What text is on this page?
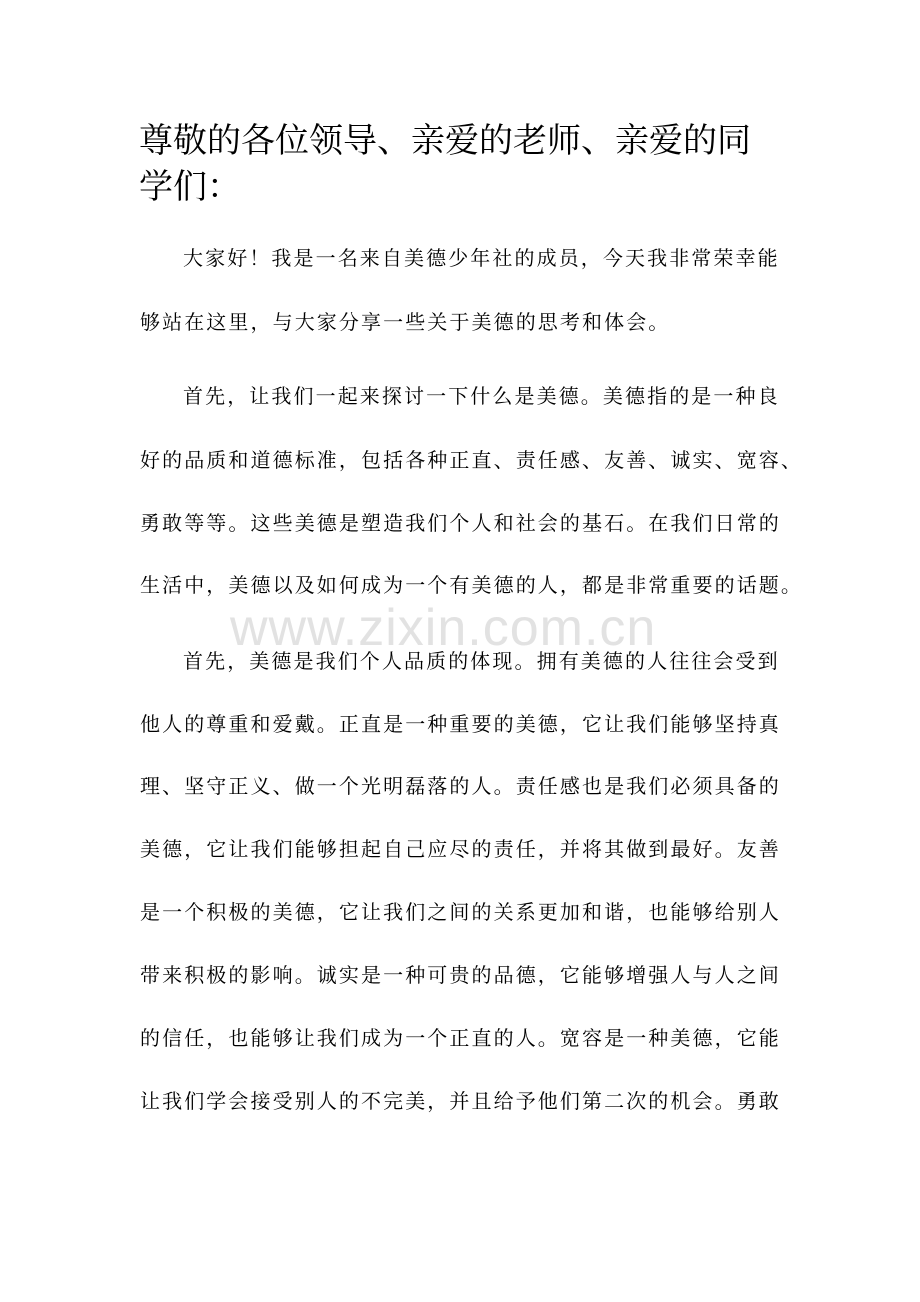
尊敬的各位领导、亲爱的老师、亲爱的同学们：

大家好！我是一名来自美德少年社的成员，今天我非常荣幸能

够站在这里，与大家分享一些关于美德的思考和体会。

首先，让我们一起来探讨一下什么是美德。美德指的是一种良

好的品质和道德标准，包括各种正直、责任感、友善、诚实、宽容、

勇敢等等。这些美德是塑造我们个人和社会的基石。在我们日常的

生活中，美德以及如何成为一个有美德的人，都是非常重要的话题。

www.zixin.com.cn

首先，美德是我们个人品质的体现。拥有美德的人往往会受到

他人的尊重和爱戴。正直是一种重要的美德，它让我们能够坚持真

理、坚守正义、做一个光明磊落的人。责任感也是我们必须具备的

美德，它让我们能够担起自己应尽的责任，并将其做到最好。友善

是一个积极的美德，它让我们之间的关系更加和谐，也能够给别人

带来积极的影响。诚实是一种可贵的品德，它能够增强人与人之间

的信任，也能够让我们成为一个正直的人。宽容是一种美德，它能

让我们学会接受别人的不完美，并且给予他们第二次的机会。勇敢
